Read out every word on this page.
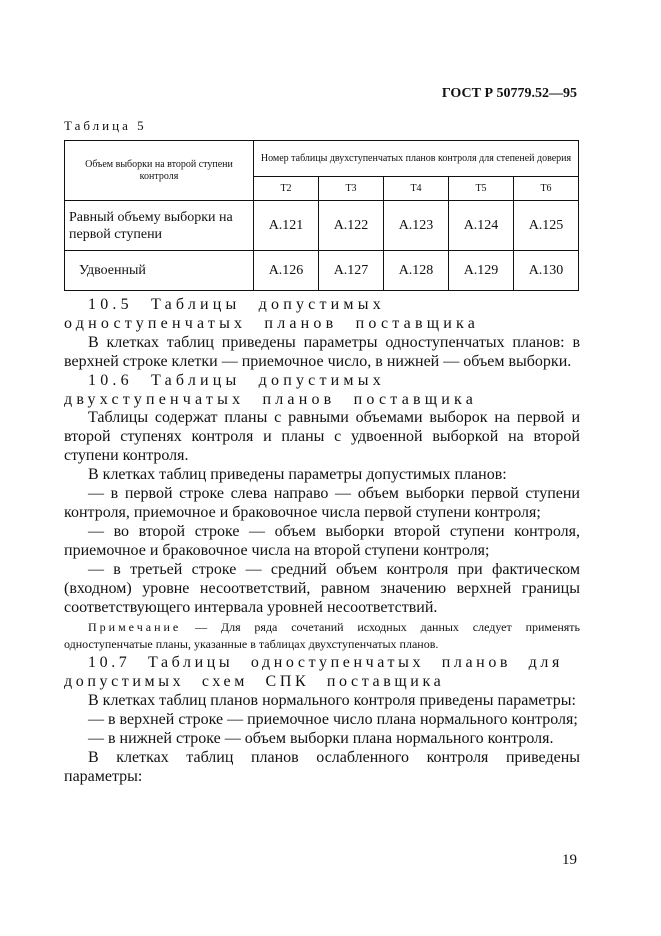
ГОСТ Р 50779.52—95
Таблица 5
Объем выборки на второй ступени контроля	Номер таблицы двухступенчатых планов контроля для степеней доверия				
	Т2	Т3	Т4	Т5	Т6
Равный объему выборки на первой ступени	А.121	А.122	А.123	А.124	А.125
Удвоенный	А.126	А.127	А.128	А.129	А.130

10.5 Таблицы допустимых одноступенчатых планов поставщика

В клетках таблиц приведены параметры одноступенчатых планов: в верхней строке клетки — приемочное число, в нижней — объем выборки.

10.6 Таблицы допустимых двухступенчатых планов поставщика

Таблицы содержат планы с равными объемами выборок на первой и второй ступенях контроля и планы с удвоенной выборкой на второй ступени контроля.

В клетках таблиц приведены параметры допустимых планов:

— в первой строке слева направо — объем выборки первой ступени контроля, приемочное и браковочное числа первой ступени контроля;

— во второй строке — объем выборки второй ступени контроля, приемочное и браковочное числа на второй ступени контроля;

— в третьей строке — средний объем контроля при фактическом (входном) уровне несоответствий, равном значению верхней границы соответствующего интервала уровней несоответствий.

Примечание — Для ряда сочетаний исходных данных следует применять одноступенчатые планы, указанные в таблицах двухступенчатых планов.

10.7 Таблицы одноступенчатых планов для допустимых схем СПК поставщика

В клетках таблиц планов нормального контроля приведены параметры:

— в верхней строке — приемочное число плана нормального контроля;

— в нижней строке — объем выборки плана нормального контроля.

В клетках таблиц планов ослабленного контроля приведены параметры:

19
